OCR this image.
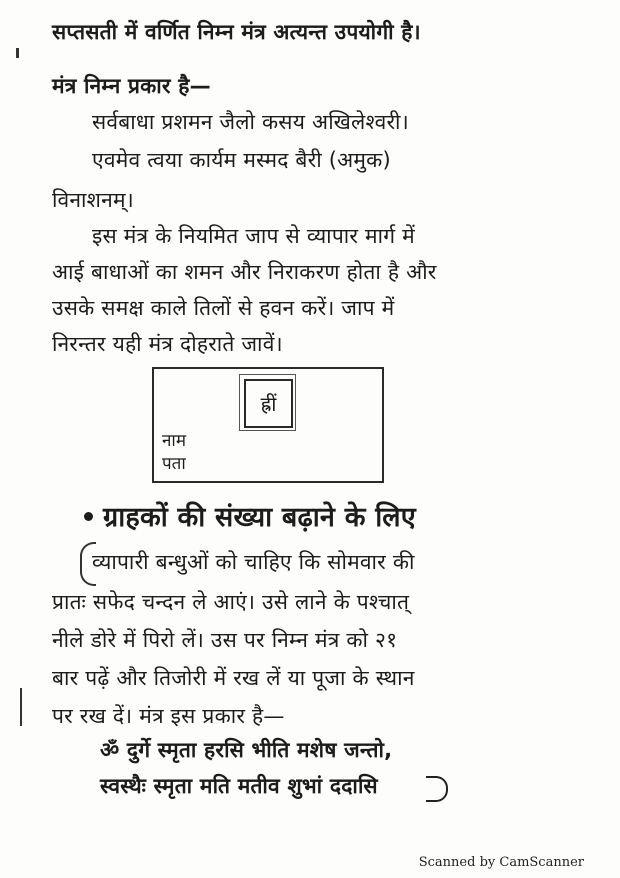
सप्तसती में वर्णित निम्न मंत्र अत्यन्त उपयोगी है।
मंत्र निम्न प्रकार है—
सर्वबाधा प्रशमन जैलो कसय अखिलेश्वरी।
एवमेव त्वया कार्यम मस्मद बैरी (अमुक)
विनाशनम्।
इस मंत्र के नियमित जाप से व्यापार मार्ग में
आई बाधाओं का शमन और निराकरण होता है और
उसके समक्ष काले तिलों से हवन करें। जाप में
निरन्तर यही मंत्र दोहराते जावें।
ह्रीं
नाम
पता
ग्राहकों की संख्या बढ़ाने के लिए
व्यापारी बन्धुओं को चाहिए कि सोमवार की
प्रातः सफेद चन्दन ले आएं। उसे लाने के पश्चात्
नीले डोरे में पिरो लें। उस पर निम्न मंत्र को २१
बार पढ़ें और तिजोरी में रख लें या पूजा के स्थान
पर रख दें। मंत्र इस प्रकार है—
ॐ दुर्गे स्मृता हरसि भीति मशेष जन्तो,
स्वस्थैः स्मृता मति मतीव शुभां ददासि
Scanned by CamScanner
